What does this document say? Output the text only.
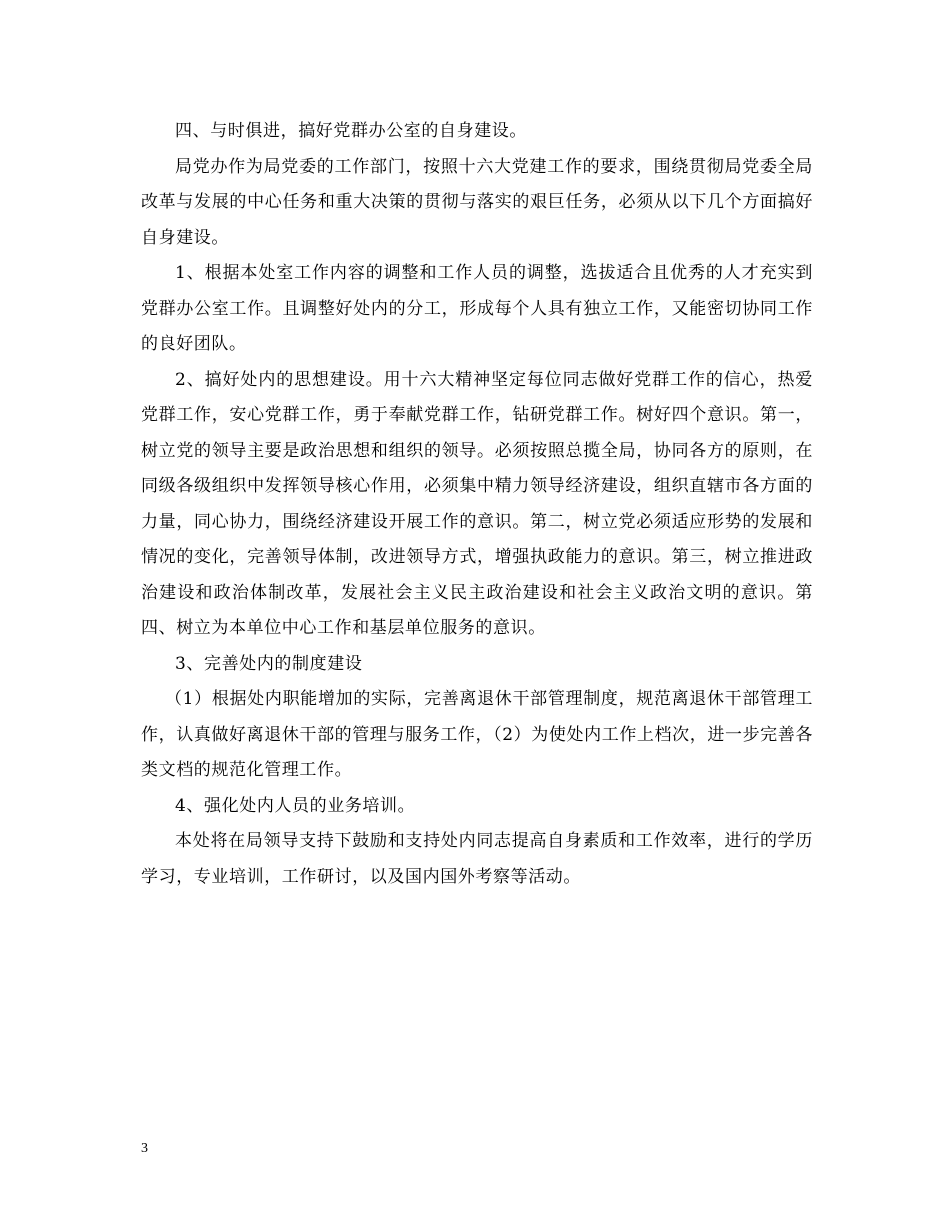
四、与时俱进，搞好党群办公室的自身建设。

局党办作为局党委的工作部门，按照十六大党建工作的要求，围绕贯彻局党委全局改革与发展的中心任务和重大决策的贯彻与落实的艰巨任务，必须从以下几个方面搞好自身建设。

1、根据本处室工作内容的调整和工作人员的调整，选拔适合且优秀的人才充实到党群办公室工作。且调整好处内的分工，形成每个人具有独立工作，又能密切协同工作的良好团队。

2、搞好处内的思想建设。用十六大精神坚定每位同志做好党群工作的信心，热爱党群工作，安心党群工作，勇于奉献党群工作，钻研党群工作。树好四个意识。第一，树立党的领导主要是政治思想和组织的领导。必须按照总揽全局，协同各方的原则，在同级各级组织中发挥领导核心作用，必须集中精力领导经济建设，组织直辖市各方面的力量，同心协力，围绕经济建设开展工作的意识。第二，树立党必须适应形势的发展和情况的变化，完善领导体制，改进领导方式，增强执政能力的意识。第三，树立推进政治建设和政治体制改革，发展社会主义民主政治建设和社会主义政治文明的意识。第四、树立为本单位中心工作和基层单位服务的意识。

3、完善处内的制度建设

（1）根据处内职能增加的实际，完善离退休干部管理制度，规范离退休干部管理工作，认真做好离退休干部的管理与服务工作，（2）为使处内工作上档次，进一步完善各类文档的规范化管理工作。

4、强化处内人员的业务培训。

本处将在局领导支持下鼓励和支持处内同志提高自身素质和工作效率，进行的学历学习，专业培训，工作研讨，以及国内国外考察等活动。

3
